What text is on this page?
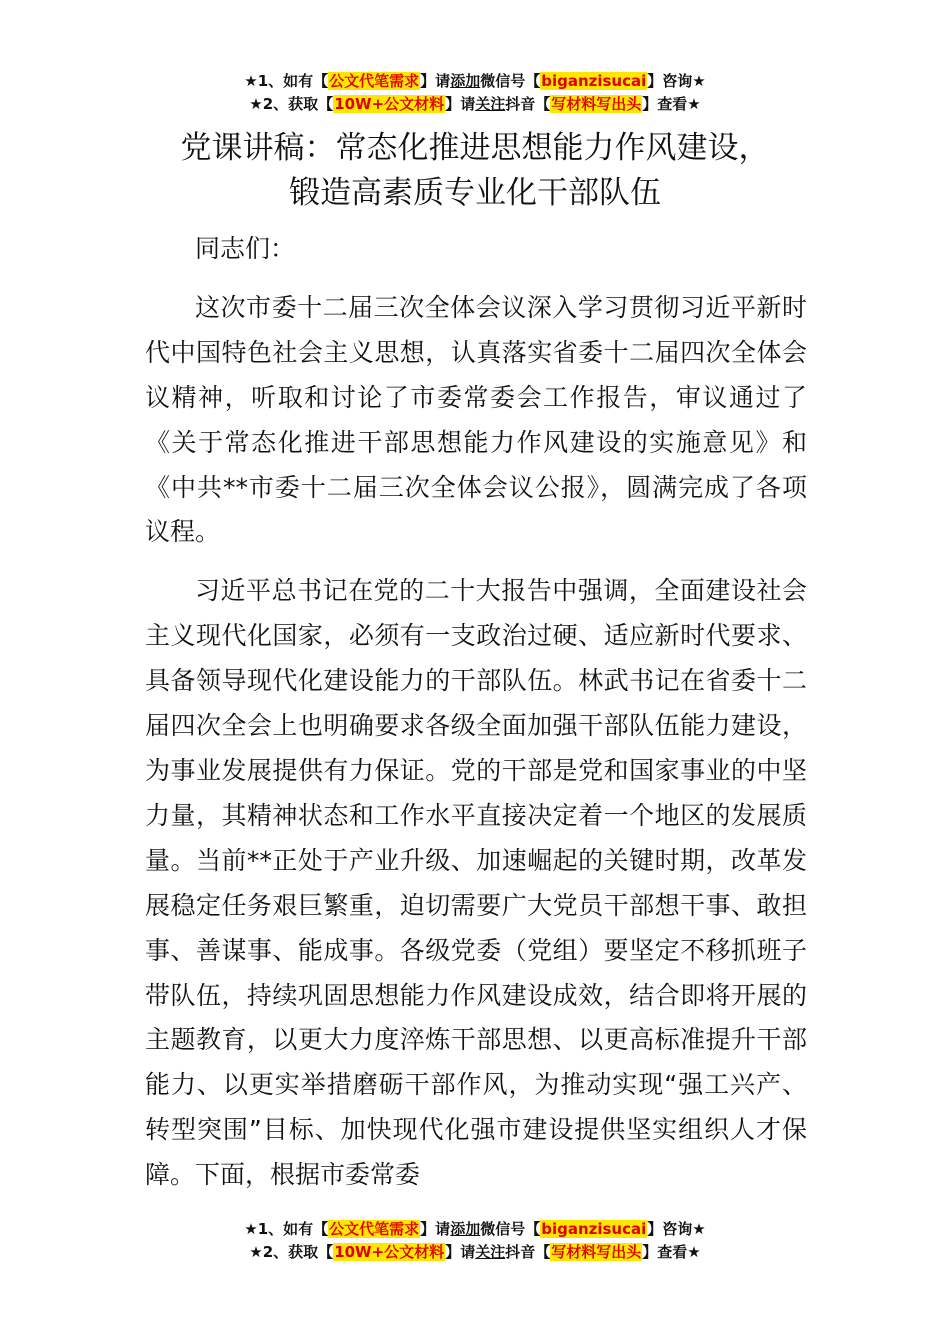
★1、如有【公文代笔需求】请添加微信号【biganzisucai】咨询★
★2、获取【10W+公文材料】请关注抖音【写材料写出头】查看★
党课讲稿：常态化推进思想能力作风建设，
锻造高素质专业化干部队伍

同志们：

这次市委十二届三次全体会议深入学习贯彻习近平新时代中国特色社会主义思想，认真落实省委十二届四次全体会议精神，听取和讨论了市委常委会工作报告，审议通过了《关于常态化推进干部思想能力作风建设的实施意见》和《中共**市委十二届三次全体会议公报》，圆满完成了各项议程。

习近平总书记在党的二十大报告中强调，全面建设社会主义现代化国家，必须有一支政治过硬、适应新时代要求、具备领导现代化建设能力的干部队伍。林武书记在省委十二届四次全会上也明确要求各级全面加强干部队伍能力建设，为事业发展提供有力保证。党的干部是党和国家事业的中坚力量，其精神状态和工作水平直接决定着一个地区的发展质量。当前**正处于产业升级、加速崛起的关键时期，改革发展稳定任务艰巨繁重，迫切需要广大党员干部想干事、敢担事、善谋事、能成事。各级党委（党组）要坚定不移抓班子带队伍，持续巩固思想能力作风建设成效，结合即将开展的主题教育，以更大力度淬炼干部思想、以更高标准提升干部能力、以更实举措磨砺干部作风，为推动实现“强工兴产、转型突围”目标、加快现代化强市建设提供坚实组织人才保障。下面，根据市委常委

★1、如有【公文代笔需求】请添加微信号【biganzisucai】咨询★
★2、获取【10W+公文材料】请关注抖音【写材料写出头】查看★
